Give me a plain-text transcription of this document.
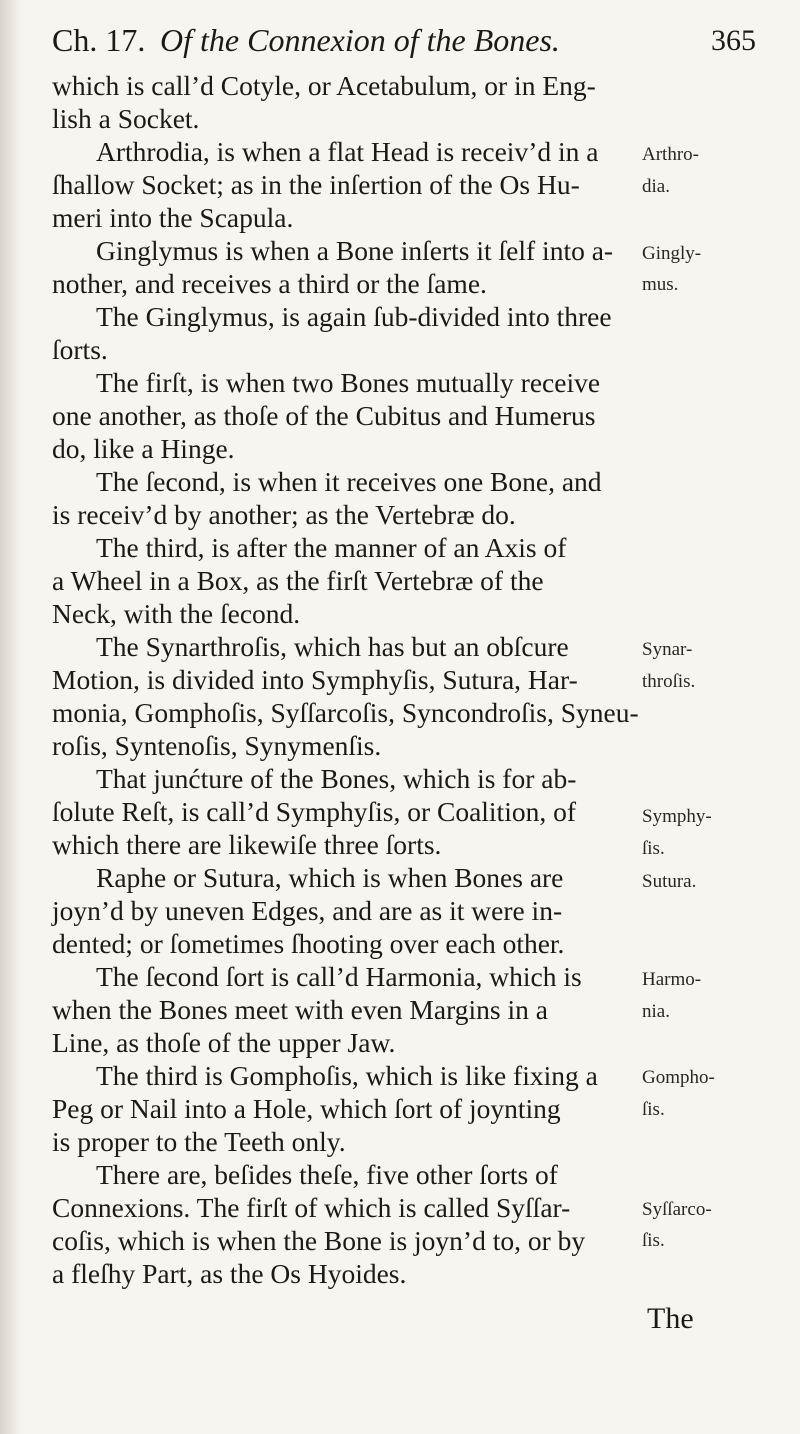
Ch. 17. Of the Connexion of the Bones.	365
which is call’d Cotyle, or Acetabulum, or in Eng-
lish a Socket.
Arthrodia, is when a flat Head is receiv’d in a
ſhallow Socket; as in the inſertion of the Os Hu-
meri into the Scapula.
Ginglymus is when a Bone inſerts it ſelf into a-
nother, and receives a third or the ſame.
The Ginglymus, is again ſub-divided into three
ſorts.
The firſt, is when two Bones mutually receive
one another, as thoſe of the Cubitus and Humerus
do, like a Hinge.
The ſecond, is when it receives one Bone, and
is receiv’d by another; as the Vertebræ do.
The third, is after the manner of an Axis of
a Wheel in a Box, as the firſt Vertebræ of the
Neck, with the ſecond.
The Synarthroſis, which has but an obſcure
Motion, is divided into Symphyſis, Sutura, Har-
monia, Gomphoſis, Syſſarcoſis, Syncondroſis, Syneu-
roſis, Syntenoſis, Synymenſis.
That junćture of the Bones, which is for ab-
ſolute Reſt, is call’d Symphyſis, or Coalition, of
which there are likewiſe three ſorts.
Raphe or Sutura, which is when Bones are
joyn’d by uneven Edges, and are as it were in-
dented; or ſometimes ſhooting over each other.
The ſecond ſort is call’d Harmonia, which is
when the Bones meet with even Margins in a
Line, as thoſe of the upper Jaw.
The third is Gomphoſis, which is like fixing a
Peg or Nail into a Hole, which ſort of joynting
is proper to the Teeth only.
There are, beſides theſe, five other ſorts of
Connexions. The firſt of which is called Syſſar-
coſis, which is when the Bone is joyn’d to, or by
a fleſhy Part, as the Os Hyoides.
Arthro-
dia.
Gingly-
mus.
Synar-
throſis.
Symphy-
ſis.
Sutura.
Harmo-
nia.
Gompho-
ſis.
Syſſarco-
ſis.
The
